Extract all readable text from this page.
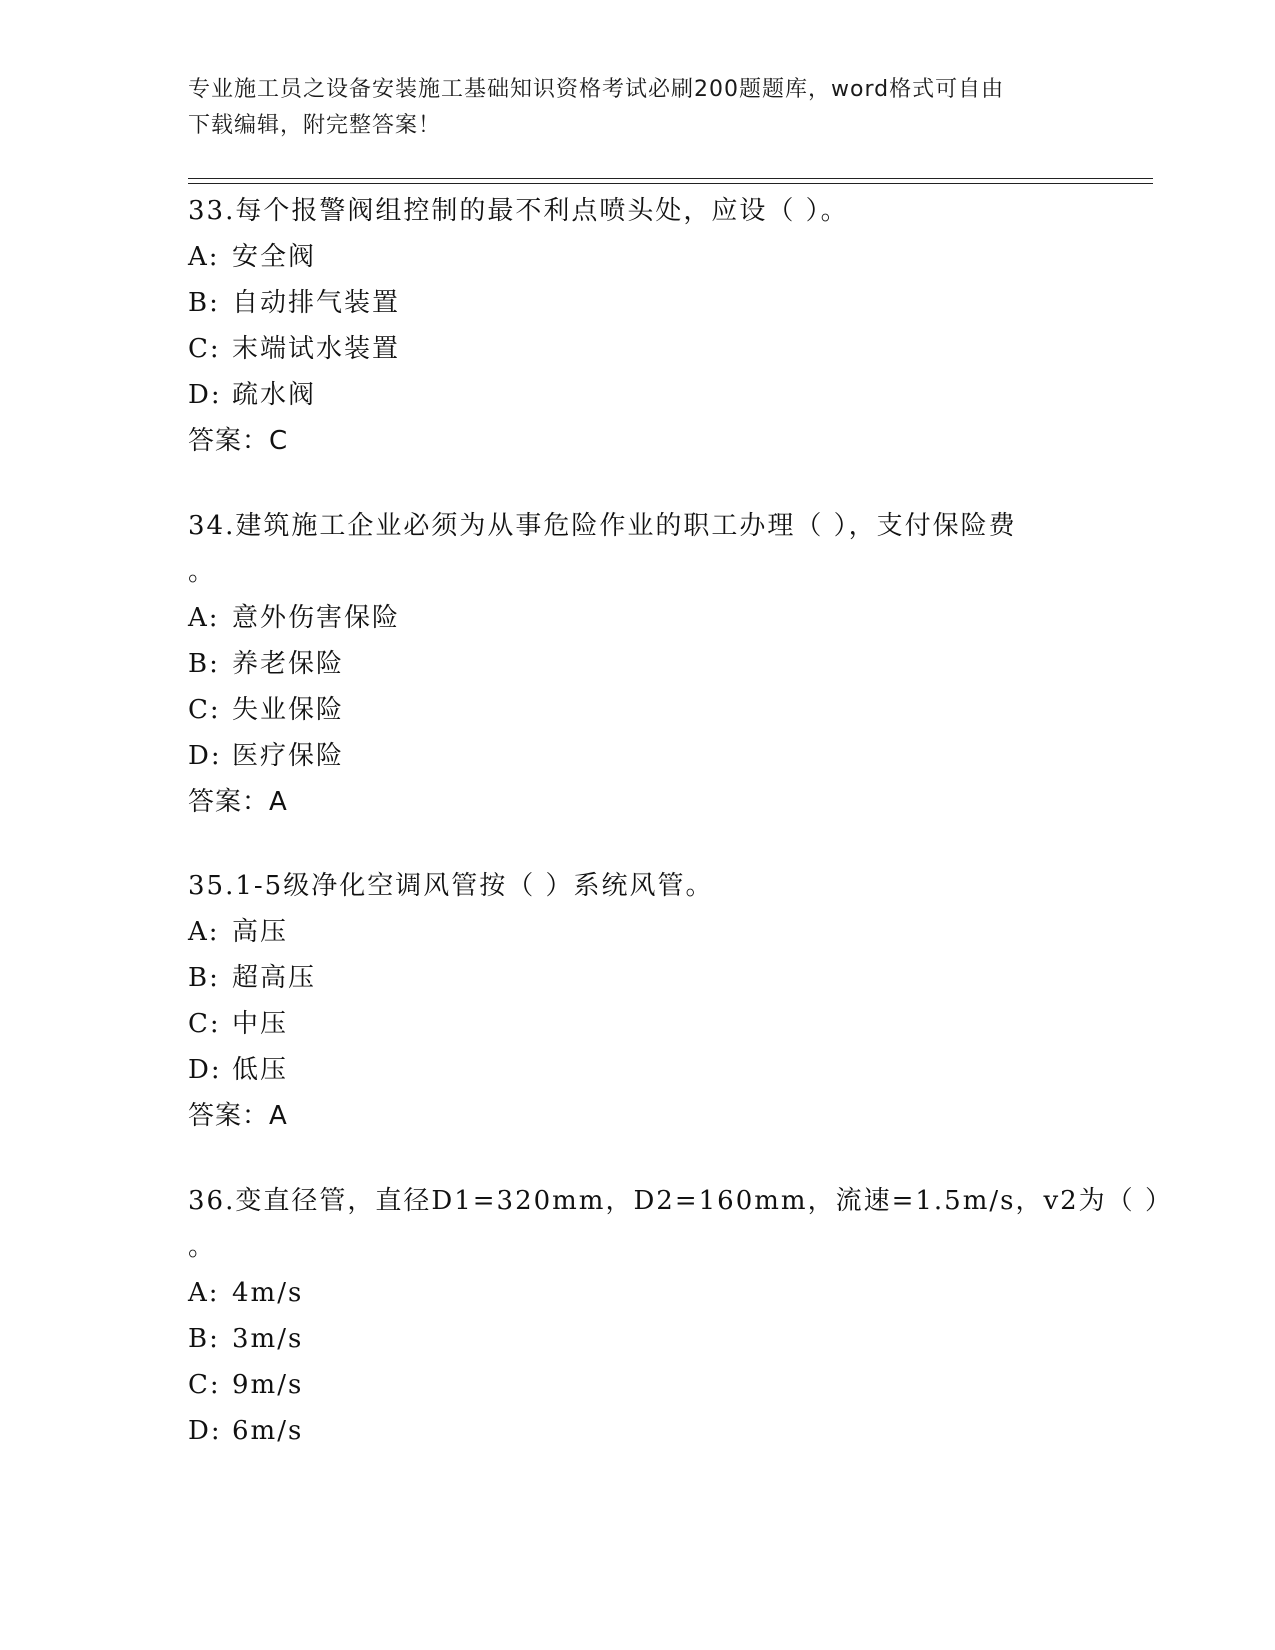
专业施工员之设备安装施工基础知识资格考试必刷200题题库，word格式可自由
下载编辑，附完整答案！
33.每个报警阀组控制的最不利点喷头处，应设（ ）。
A: 安全阀
B: 自动排气装置
C: 末端试水装置
D: 疏水阀
答案：C
34.建筑施工企业必须为从事危险作业的职工办理（ ），支付保险费
。
A: 意外伤害保险
B: 养老保险
C: 失业保险
D: 医疗保险
答案：A
35.1-5级净化空调风管按（ ）系统风管。
A: 高压
B: 超高压
C: 中压
D: 低压
答案：A
36.变直径管，直径D1=320mm，D2=160mm，流速=1.5m/s，v2为（ ）
。
A: 4m/s
B: 3m/s
C: 9m/s
D: 6m/s
